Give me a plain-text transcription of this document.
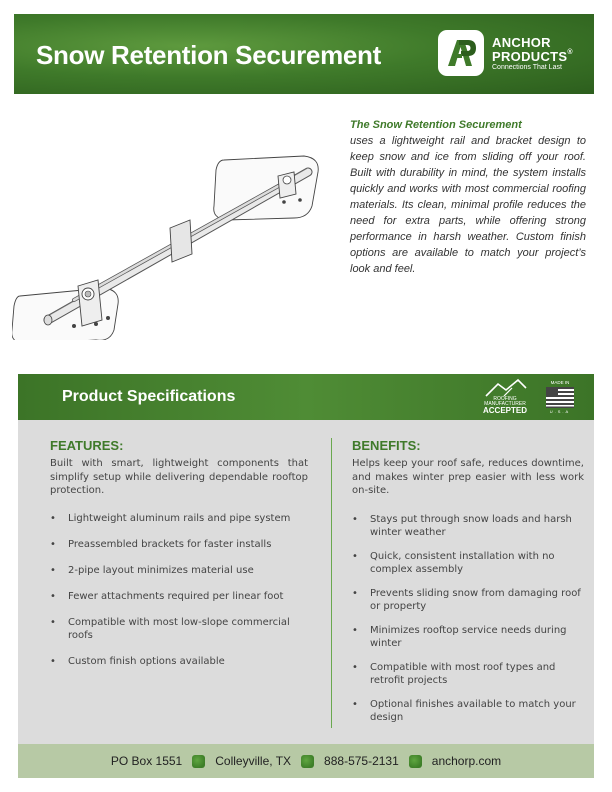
Snow Retention Securement	ANCHOR
PRODUCTS®
Connections That Last
The Snow Retention Securement
uses a lightweight rail and bracket design to keep snow and ice from sliding off your roof. Built with durability in mind, the system installs quickly and works with most commercial roofing materials. Its clean, minimal profile reduces the need for extra parts, while offering strong performance in harsh weather. Custom finish options are available to match your project’s look and feel.
Product Specifications	ROOFING
MANUFACTURER
ACCEPTED
MADE IN
U.S.A
FEATURES:

Built with smart, lightweight components that simplify setup while delivering dependable rooftop protection.

• Lightweight aluminum rails and pipe system
• Preassembled brackets for faster installs
• 2-pipe layout minimizes material use
• Fewer attachments required per linear foot
• Compatible with most low-slope commercial roofs
• Custom finish options available
BENEFITS:

Helps keep your roof safe, reduces downtime, and makes winter prep easier with less work on-site.

• Stays put through snow loads and harsh winter weather
• Quick, consistent installation with no complex assembly
• Prevents sliding snow from damaging roof or property
• Minimizes rooftop service needs during winter
• Compatible with most roof types and retrofit projects
• Optional finishes available to match your design
PO Box 1551	Colleyville, TX	888-575-2131	anchorp.com
